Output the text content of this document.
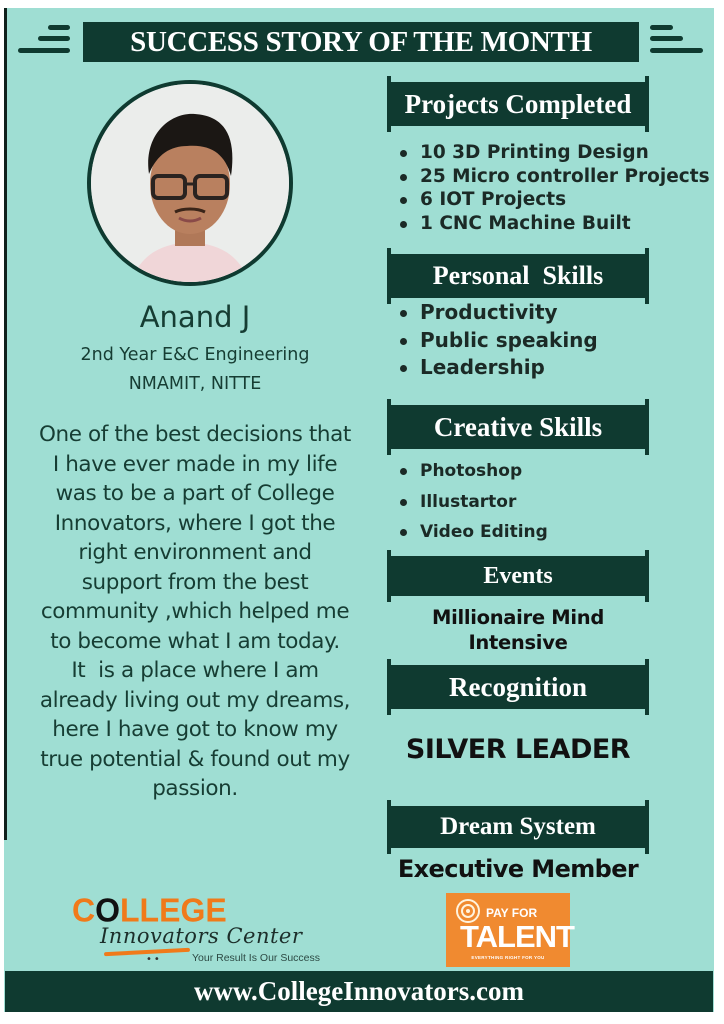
SUCCESS STORY OF THE MONTH
Anand J
2nd Year E&C Engineering
NMAMIT, NITTE
One of the best decisions that
I have ever made in my life
was to be a part of College
Innovators, where I got the
right environment and
support from the best
community ,which helped me
to become what I am today.
It  is a place where I am
already living out my dreams,
here I have got to know my
true potential & found out my
passion.
Projects Completed
10 3D Printing Design
25 Micro controller Projects
6 IOT Projects
1 CNC Machine Built
Personal  Skills
Productivity
Public speaking
Leadership
Creative Skills
Photoshop
Illustartor
Video Editing
Events
Millionaire Mind
Intensive
Recognition
SILVER LEADER
Dream System
Executive Member
COLLEGE
Innovators Center
••	Your Result Is Our Success
PAY FOR
TALENT
EVERYTHING RIGHT FOR YOU
www.CollegeInnovators.com
